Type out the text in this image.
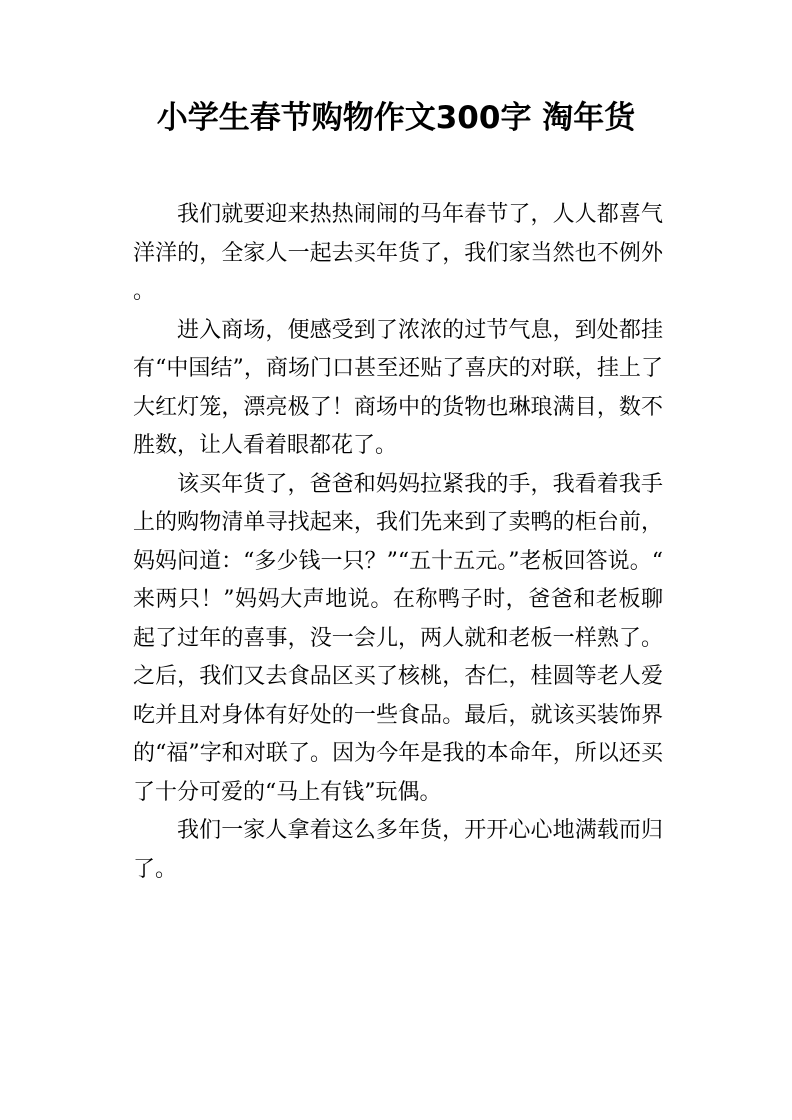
小学生春节购物作文300字 淘年货

我们就要迎来热热闹闹的马年春节了，人人都喜气洋洋的，全家人一起去买年货了，我们家当然也不例外。

进入商场，便感受到了浓浓的过节气息，到处都挂有“中国结”，商场门口甚至还贴了喜庆的对联，挂上了大红灯笼，漂亮极了！商场中的货物也琳琅满目，数不胜数，让人看着眼都花了。

该买年货了，爸爸和妈妈拉紧我的手，我看着我手上的购物清单寻找起来，我们先来到了卖鸭的柜台前，妈妈问道：“多少钱一只？”“五十五元。”老板回答说。“来两只！”妈妈大声地说。在称鸭子时，爸爸和老板聊起了过年的喜事，没一会儿，两人就和老板一样熟了。之后，我们又去食品区买了核桃，杏仁，桂圆等老人爱吃并且对身体有好处的一些食品。最后，就该买装饰界的“福”字和对联了。因为今年是我的本命年，所以还买了十分可爱的“马上有钱”玩偶。

我们一家人拿着这么多年货，开开心心地满载而归了。
